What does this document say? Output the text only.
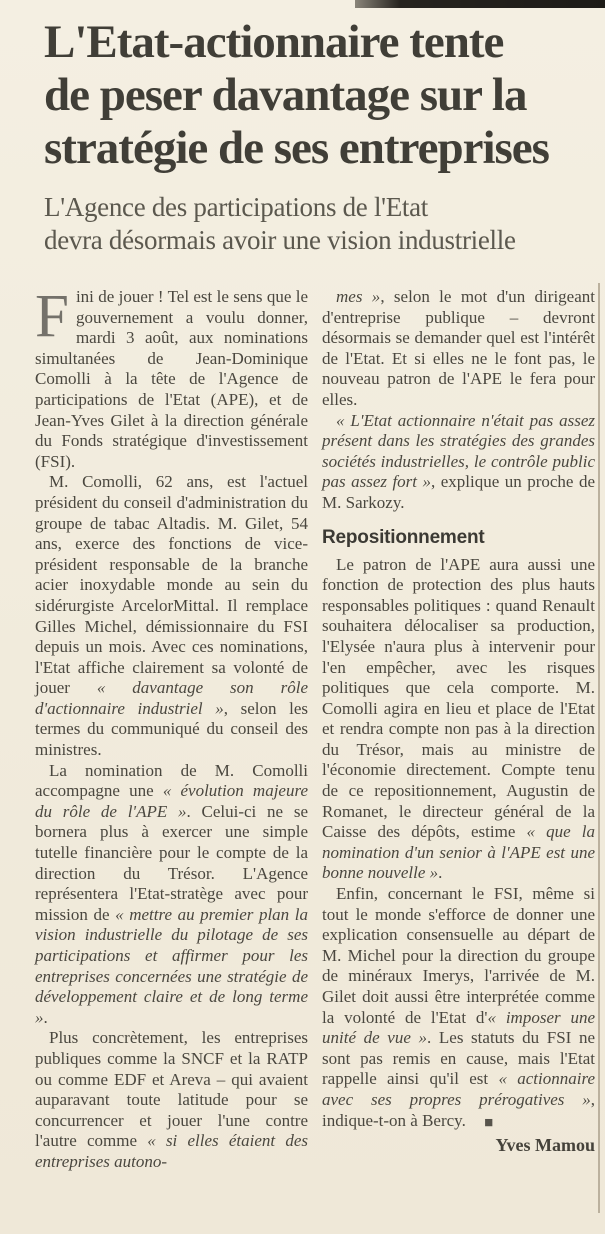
L'Etat-actionnaire tente
de peser davantage sur la
stratégie de ses entreprises
L'Agence des participations de l'Etat
devra désormais avoir une vision industrielle

Fini de jouer ! Tel est le sens que le gouvernement a voulu donner, mardi 3 août, aux nominations simultanées de Jean-Dominique Comolli à la tête de l'Agence de participations de l'Etat (APE), et de Jean-Yves Gilet à la direction générale du Fonds stratégique d'investissement (FSI).

M. Comolli, 62 ans, est l'actuel président du conseil d'administration du groupe de tabac Altadis. M. Gilet, 54 ans, exerce des fonctions de vice-président responsable de la branche acier inoxydable monde au sein du sidérurgiste ArcelorMittal. Il remplace Gilles Michel, démissionnaire du FSI depuis un mois. Avec ces nominations, l'Etat affiche clairement sa volonté de jouer « davantage son rôle d'actionnaire industriel », selon les termes du communiqué du conseil des ministres.

La nomination de M. Comolli accompagne une « évolution majeure du rôle de l'APE ». Celui-ci ne se bornera plus à exercer une simple tutelle financière pour le compte de la direction du Trésor. L'Agence représentera l'Etat-stratège avec pour mission de « mettre au premier plan la vision industrielle du pilotage de ses participations et affirmer pour les entreprises concernées une stratégie de développement claire et de long terme ».

Plus concrètement, les entreprises publiques comme la SNCF et la RATP ou comme EDF et Areva – qui avaient auparavant toute latitude pour se concurrencer et jouer l'une contre l'autre comme « si elles étaient des entreprises autono-

mes », selon le mot d'un dirigeant d'entreprise publique – devront désormais se demander quel est l'intérêt de l'Etat. Et si elles ne le font pas, le nouveau patron de l'APE le fera pour elles.

« L'Etat actionnaire n'était pas assez présent dans les stratégies des grandes sociétés industrielles, le contrôle public pas assez fort », explique un proche de M. Sarkozy.

Repositionnement

Le patron de l'APE aura aussi une fonction de protection des plus hauts responsables politiques : quand Renault souhaitera délocaliser sa production, l'Elysée n'aura plus à intervenir pour l'en empêcher, avec les risques politiques que cela comporte. M. Comolli agira en lieu et place de l'Etat et rendra compte non pas à la direction du Trésor, mais au ministre de l'économie directement. Compte tenu de ce repositionnement, Augustin de Romanet, le directeur général de la Caisse des dépôts, estime « que la nomination d'un senior à l'APE est une bonne nouvelle ».

Enfin, concernant le FSI, même si tout le monde s'efforce de donner une explication consensuelle au départ de M. Michel pour la direction du groupe de minéraux Imerys, l'arrivée de M. Gilet doit aussi être interprétée comme la volonté de l'Etat d'« imposer une unité de vue ». Les statuts du FSI ne sont pas remis en cause, mais l'Etat rappelle ainsi qu'il est « actionnaire avec ses propres prérogatives », indique-t-on à Bercy. ■

Yves Mamou
